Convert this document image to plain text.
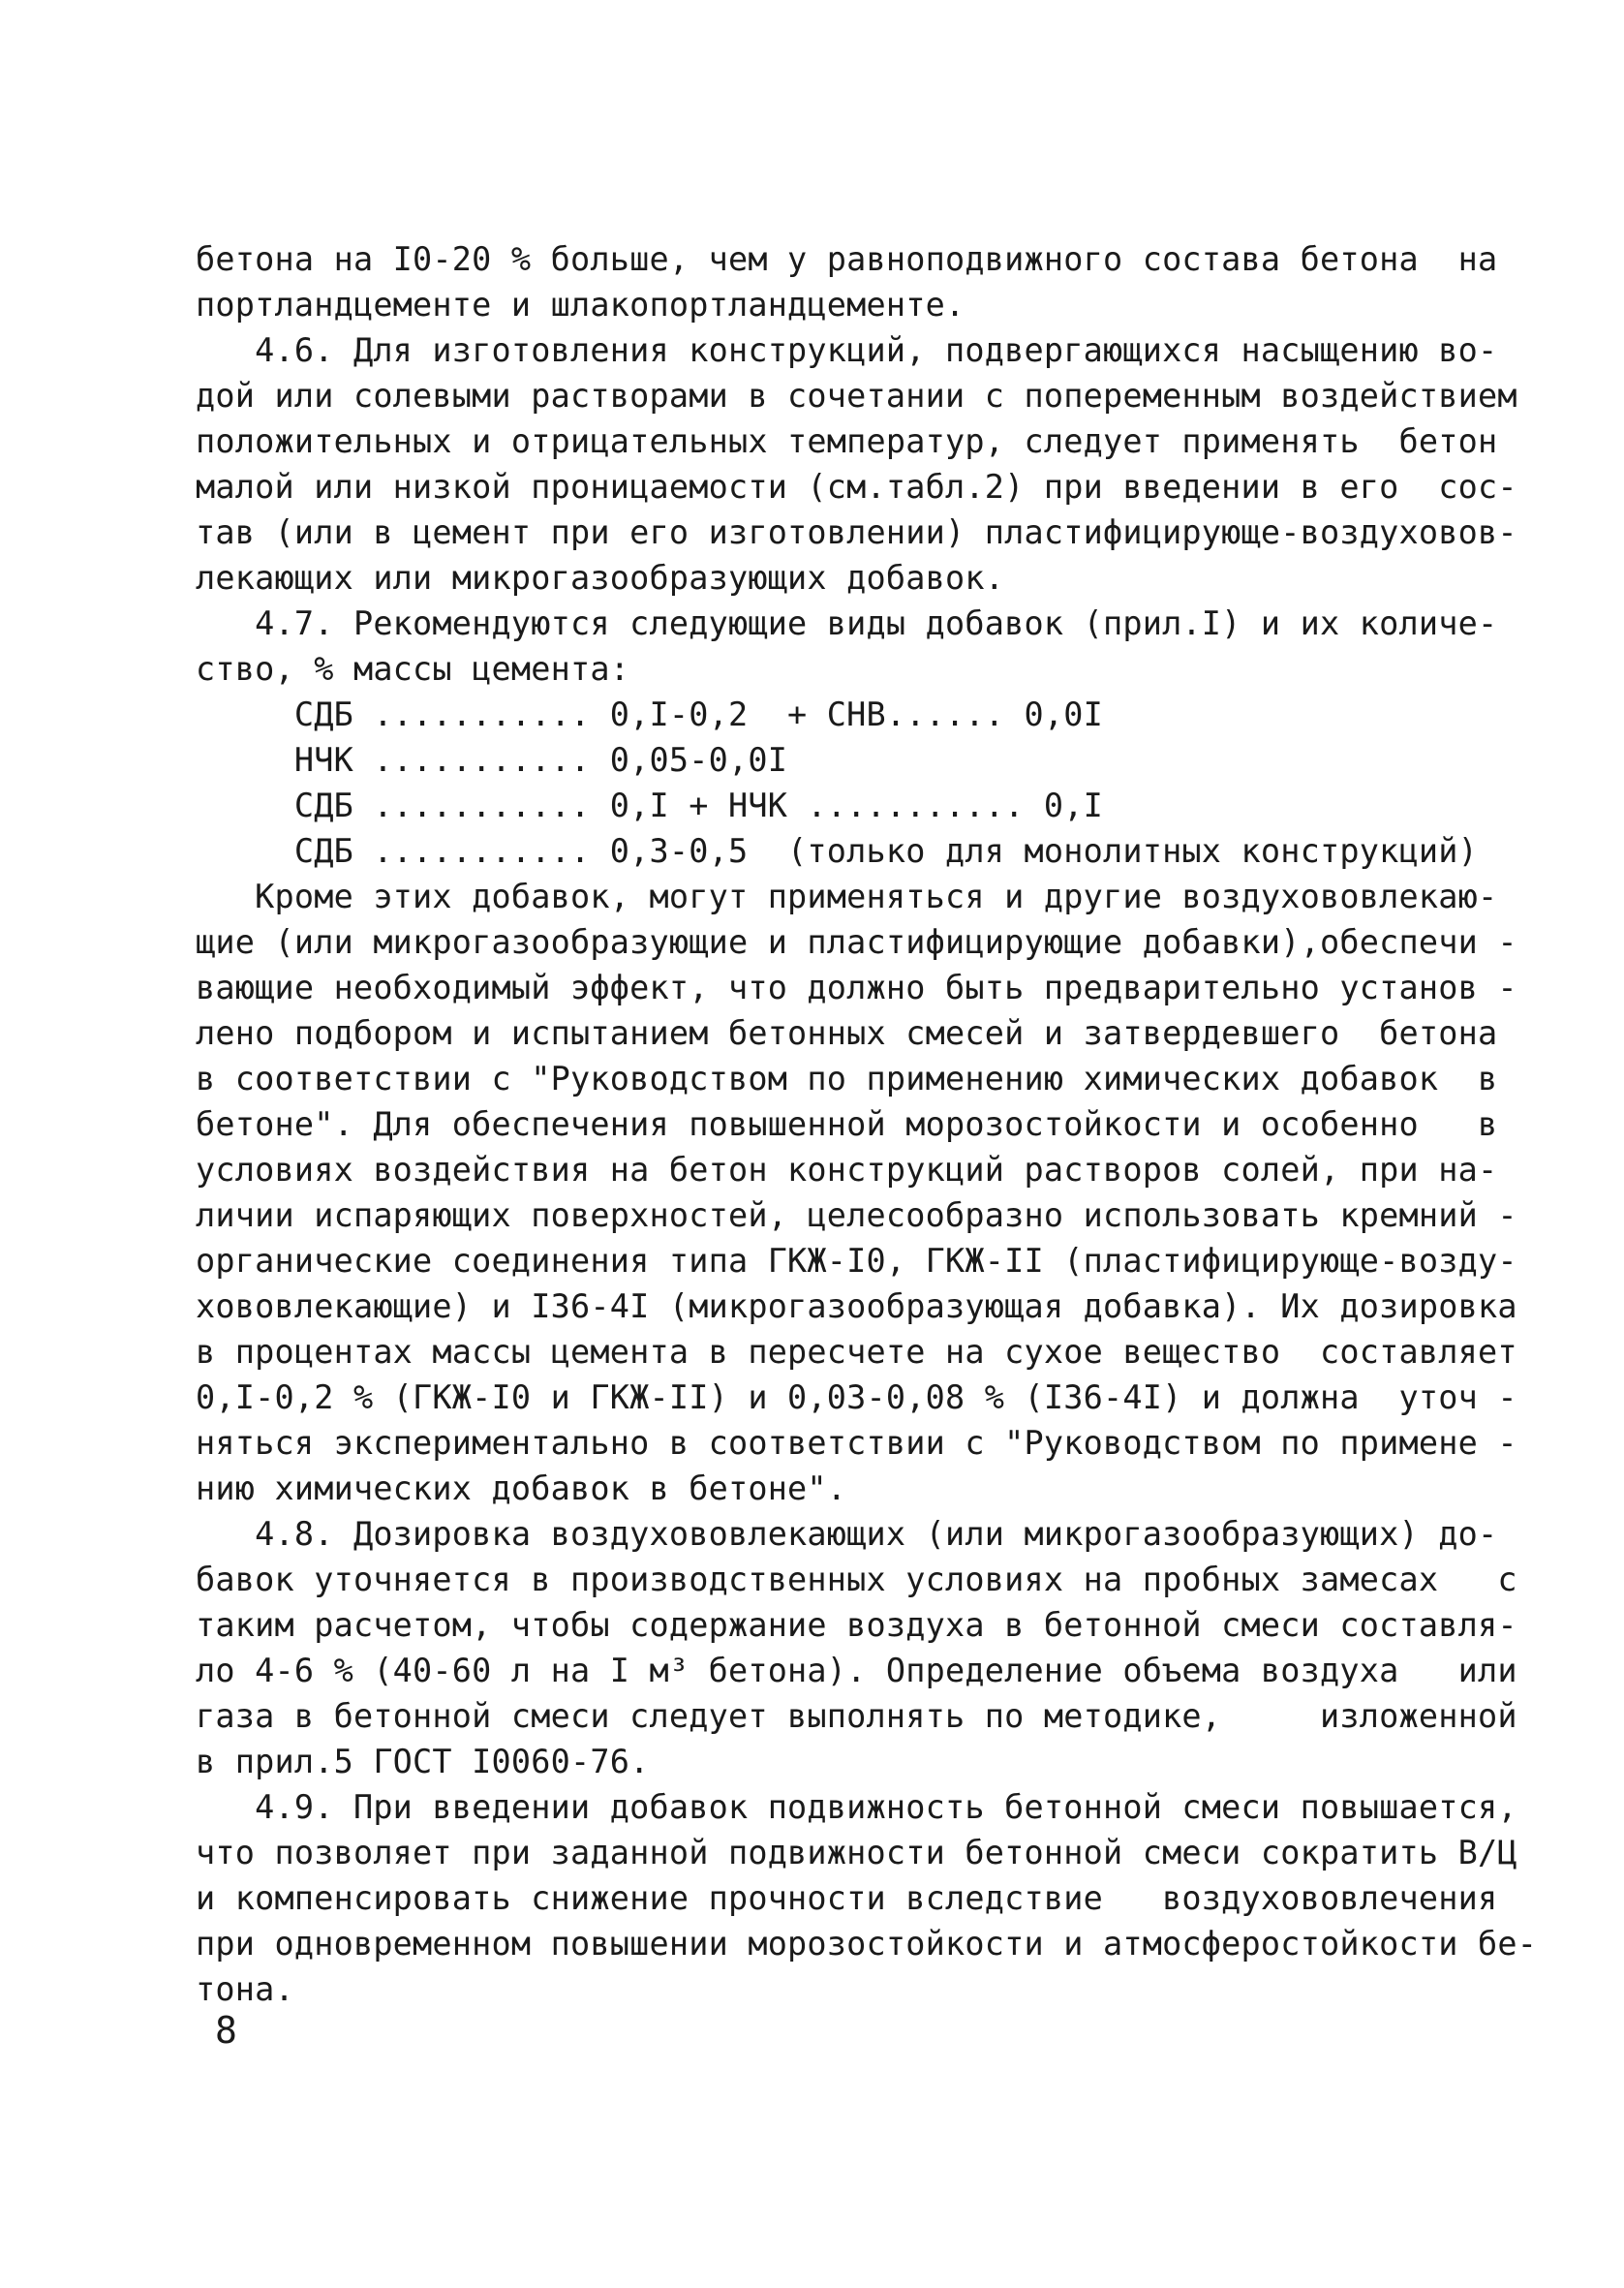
бетона на I0-20 % больше, чем у равноподвижного состава бетона  на
портландцементе и шлакопортландцементе.
4.6. Для изготовления конструкций, подвергающихся насыщению во-
дой или солевыми растворами в сочетании с попеременным воздействием
положительных и отрицательных температур, следует применять  бетон
малой или низкой проницаемости (см.табл.2) при введении в его  сос-
тав (или в цемент при его изготовлении) пластифицирующе-воздуховов-
лекающих или микрогазообразующих добавок.
4.7. Рекомендуются следующие виды добавок (прил.I) и их количе-
ство, % массы цемента:
СДБ ........... 0,I-0,2  + СНВ...... 0,0I
НЧК ........... 0,05-0,0I
СДБ ........... 0,I + НЧК ........... 0,I
СДБ ........... 0,3-0,5  (только для монолитных конструкций)
Кроме этих добавок, могут применяться и другие воздухововлекаю-
щие (или микрогазообразующие и пластифицирующие добавки),обеспечи -
вающие необходимый эффект, что должно быть предварительно установ -
лено подбором и испытанием бетонных смесей и затвердевшего  бетона
в соответствии с "Руководством по применению химических добавок  в
бетоне". Для обеспечения повышенной морозостойкости и особенно   в
условиях воздействия на бетон конструкций растворов солей, при на-
личии испаряющих поверхностей, целесообразно использовать кремний -
органические соединения типа ГКЖ-I0, ГКЖ-II (пластифицирующе-возду-
хововлекающие) и I36-4I (микрогазообразующая добавка). Их дозировка
в процентах массы цемента в пересчете на сухое вещество  составляет
0,I-0,2 % (ГКЖ-I0 и ГКЖ-II) и 0,03-0,08 % (I36-4I) и должна  уточ -
няться экспериментально в соответствии с "Руководством по примене -
нию химических добавок в бетоне".
4.8. Дозировка воздухововлекающих (или микрогазообразующих) до-
бавок уточняется в производственных условиях на пробных замесах   с
таким расчетом, чтобы содержание воздуха в бетонной смеси составля-
ло 4-6 % (40-60 л на I м³ бетона). Определение объема воздуха   или
газа в бетонной смеси следует выполнять по методике,     изложенной
в прил.5 ГОСТ I0060-76.
4.9. При введении добавок подвижность бетонной смеси повышается,
что позволяет при заданной подвижности бетонной смеси сократить В/Ц
и компенсировать снижение прочности вследствие   воздухововлечения
при одновременном повышении морозостойкости и атмосферостойкости бе-
тона.
8
